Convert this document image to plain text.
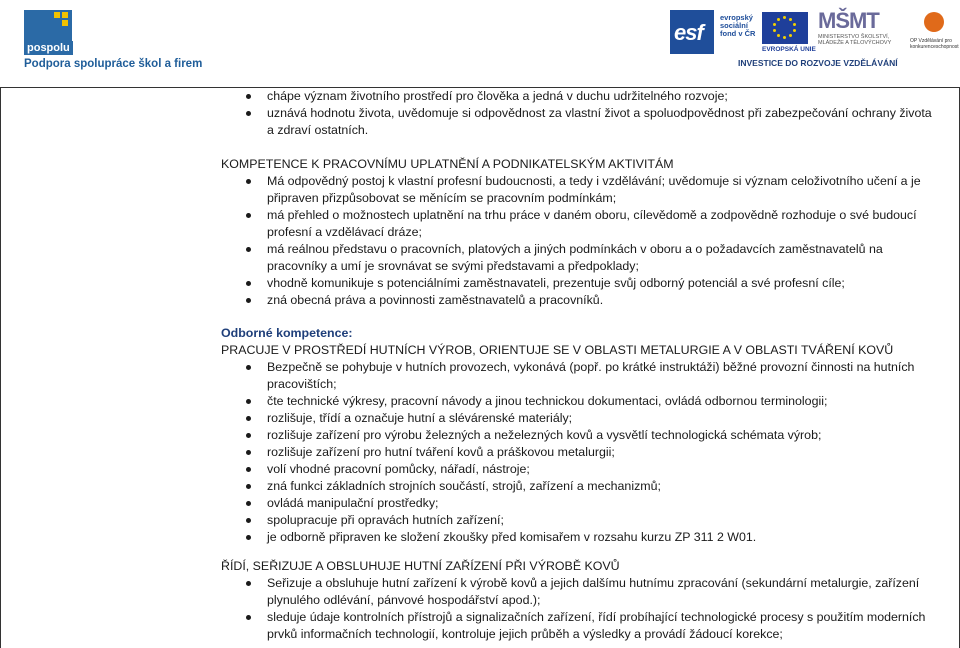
pospolu
Podpora spolupráce škol a firem
esf
evropský sociální fond v ČR
EVROPSKÁ UNIE
MŠMT
MINISTERSTVO ŠKOLSTVÍ, MLÁDEŽE A TĚLOVÝCHOVY	OP Vzdělávání pro konkurenceschopnost
INVESTICE DO ROZVOJE VZDĚLÁVÁNÍ
chápe význam životního prostředí pro člověka a jedná v duchu udržitelného rozvoje;
uznává hodnotu života, uvědomuje si odpovědnost za vlastní život a spoluodpovědnost při zabezpečování ochrany života a zdraví ostatních.
KOMPETENCE K PRACOVNÍMU UPLATNĚNÍ A PODNIKATELSKÝM AKTIVITÁM
Má odpovědný postoj k vlastní profesní budoucnosti, a tedy i vzdělávání; uvědomuje si význam celoživotního učení a je připraven přizpůsobovat se měnícím se pracovním podmínkám;
má přehled o možnostech uplatnění na trhu práce v daném oboru, cílevědomě a zodpovědně rozhoduje o své budoucí profesní a vzdělávací dráze;
má reálnou představu o pracovních, platových a jiných podmínkách v oboru a o požadavcích zaměstnavatelů na pracovníky a umí je srovnávat se svými představami a předpoklady;
vhodně komunikuje s potenciálními zaměstnavateli, prezentuje svůj odborný potenciál a své profesní cíle;
zná obecná práva a povinnosti zaměstnavatelů a pracovníků.
Odborné kompetence:
PRACUJE V PROSTŘEDÍ HUTNÍCH VÝROB, ORIENTUJE SE V OBLASTI METALURGIE A V OBLASTI TVÁŘENÍ KOVŮ
Bezpečně se pohybuje v hutních provozech, vykonává (popř. po krátké instruktáži) běžné provozní činnosti na hutních pracovištích;
čte technické výkresy, pracovní návody a jinou technickou dokumentaci, ovládá odbornou terminologii;
rozlišuje, třídí a označuje hutní a slévárenské materiály;
rozlišuje zařízení pro výrobu železných a neželezných kovů a vysvětlí technologická schémata výrob;
rozlišuje zařízení pro hutní tváření kovů a práškovou metalurgii;
volí vhodné pracovní pomůcky, nářadí, nástroje;
zná funkci základních strojních součástí, strojů, zařízení a mechanizmů;
ovládá manipulační prostředky;
spolupracuje při opravách hutních zařízení;
je odborně připraven ke složení zkoušky před komisařem v rozsahu kurzu ZP 311 2 W01.
ŘÍDÍ, SEŘIZUJE A OBSLUHUJE HUTNÍ ZAŘÍZENÍ PŘI VÝROBĚ KOVŮ
Seřizuje a obsluhuje hutní zařízení k výrobě kovů a jejich dalšímu hutnímu zpracování (sekundární metalurgie, zařízení plynulého odlévání, pánvové hospodářství apod.);
sleduje údaje kontrolních přístrojů a signalizačních zařízení, řídí probíhající technologické procesy s použitím moderních prvků informačních technologií, kontroluje jejich průběh a výsledky a provádí žádoucí korekce;
